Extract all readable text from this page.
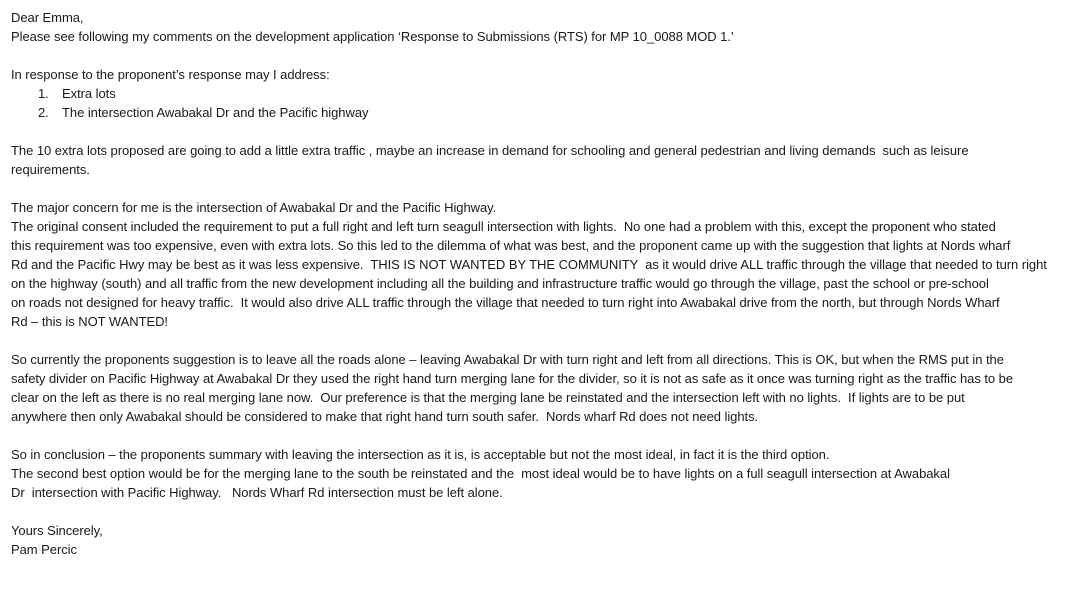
Dear Emma,
Please see following my comments on the development application ‘Response to Submissions (RTS) for MP 10_0088 MOD 1.’
In response to the proponent’s response may I address:
1. Extra lots
2. The intersection Awabakal Dr and the Pacific highway
The 10 extra lots proposed are going to add a little extra traffic , maybe an increase in demand for schooling and general pedestrian and living demands  such as leisure
requirements.
The major concern for me is the intersection of Awabakal Dr and the Pacific Highway.
The original consent included the requirement to put a full right and left turn seagull intersection with lights.  No one had a problem with this, except the proponent who stated
this requirement was too expensive, even with extra lots. So this led to the dilemma of what was best, and the proponent came up with the suggestion that lights at Nords wharf
Rd and the Pacific Hwy may be best as it was less expensive.  THIS IS NOT WANTED BY THE COMMUNITY  as it would drive ALL traffic through the village that needed to turn right
on the highway (south) and all traffic from the new development including all the building and infrastructure traffic would go through the village, past the school or pre-school
on roads not designed for heavy traffic.  It would also drive ALL traffic through the village that needed to turn right into Awabakal drive from the north, but through Nords Wharf
Rd – this is NOT WANTED!
So currently the proponents suggestion is to leave all the roads alone – leaving Awabakal Dr with turn right and left from all directions. This is OK, but when the RMS put in the
safety divider on Pacific Highway at Awabakal Dr they used the right hand turn merging lane for the divider, so it is not as safe as it once was turning right as the traffic has to be
clear on the left as there is no real merging lane now.  Our preference is that the merging lane be reinstated and the intersection left with no lights.  If lights are to be put
anywhere then only Awabakal should be considered to make that right hand turn south safer.  Nords wharf Rd does not need lights.
So in conclusion – the proponents summary with leaving the intersection as it is, is acceptable but not the most ideal, in fact it is the third option.
The second best option would be for the merging lane to the south be reinstated and the  most ideal would be to have lights on a full seagull intersection at Awabakal
Dr  intersection with Pacific Highway.   Nords Wharf Rd intersection must be left alone.
Yours Sincerely,
Pam Percic
